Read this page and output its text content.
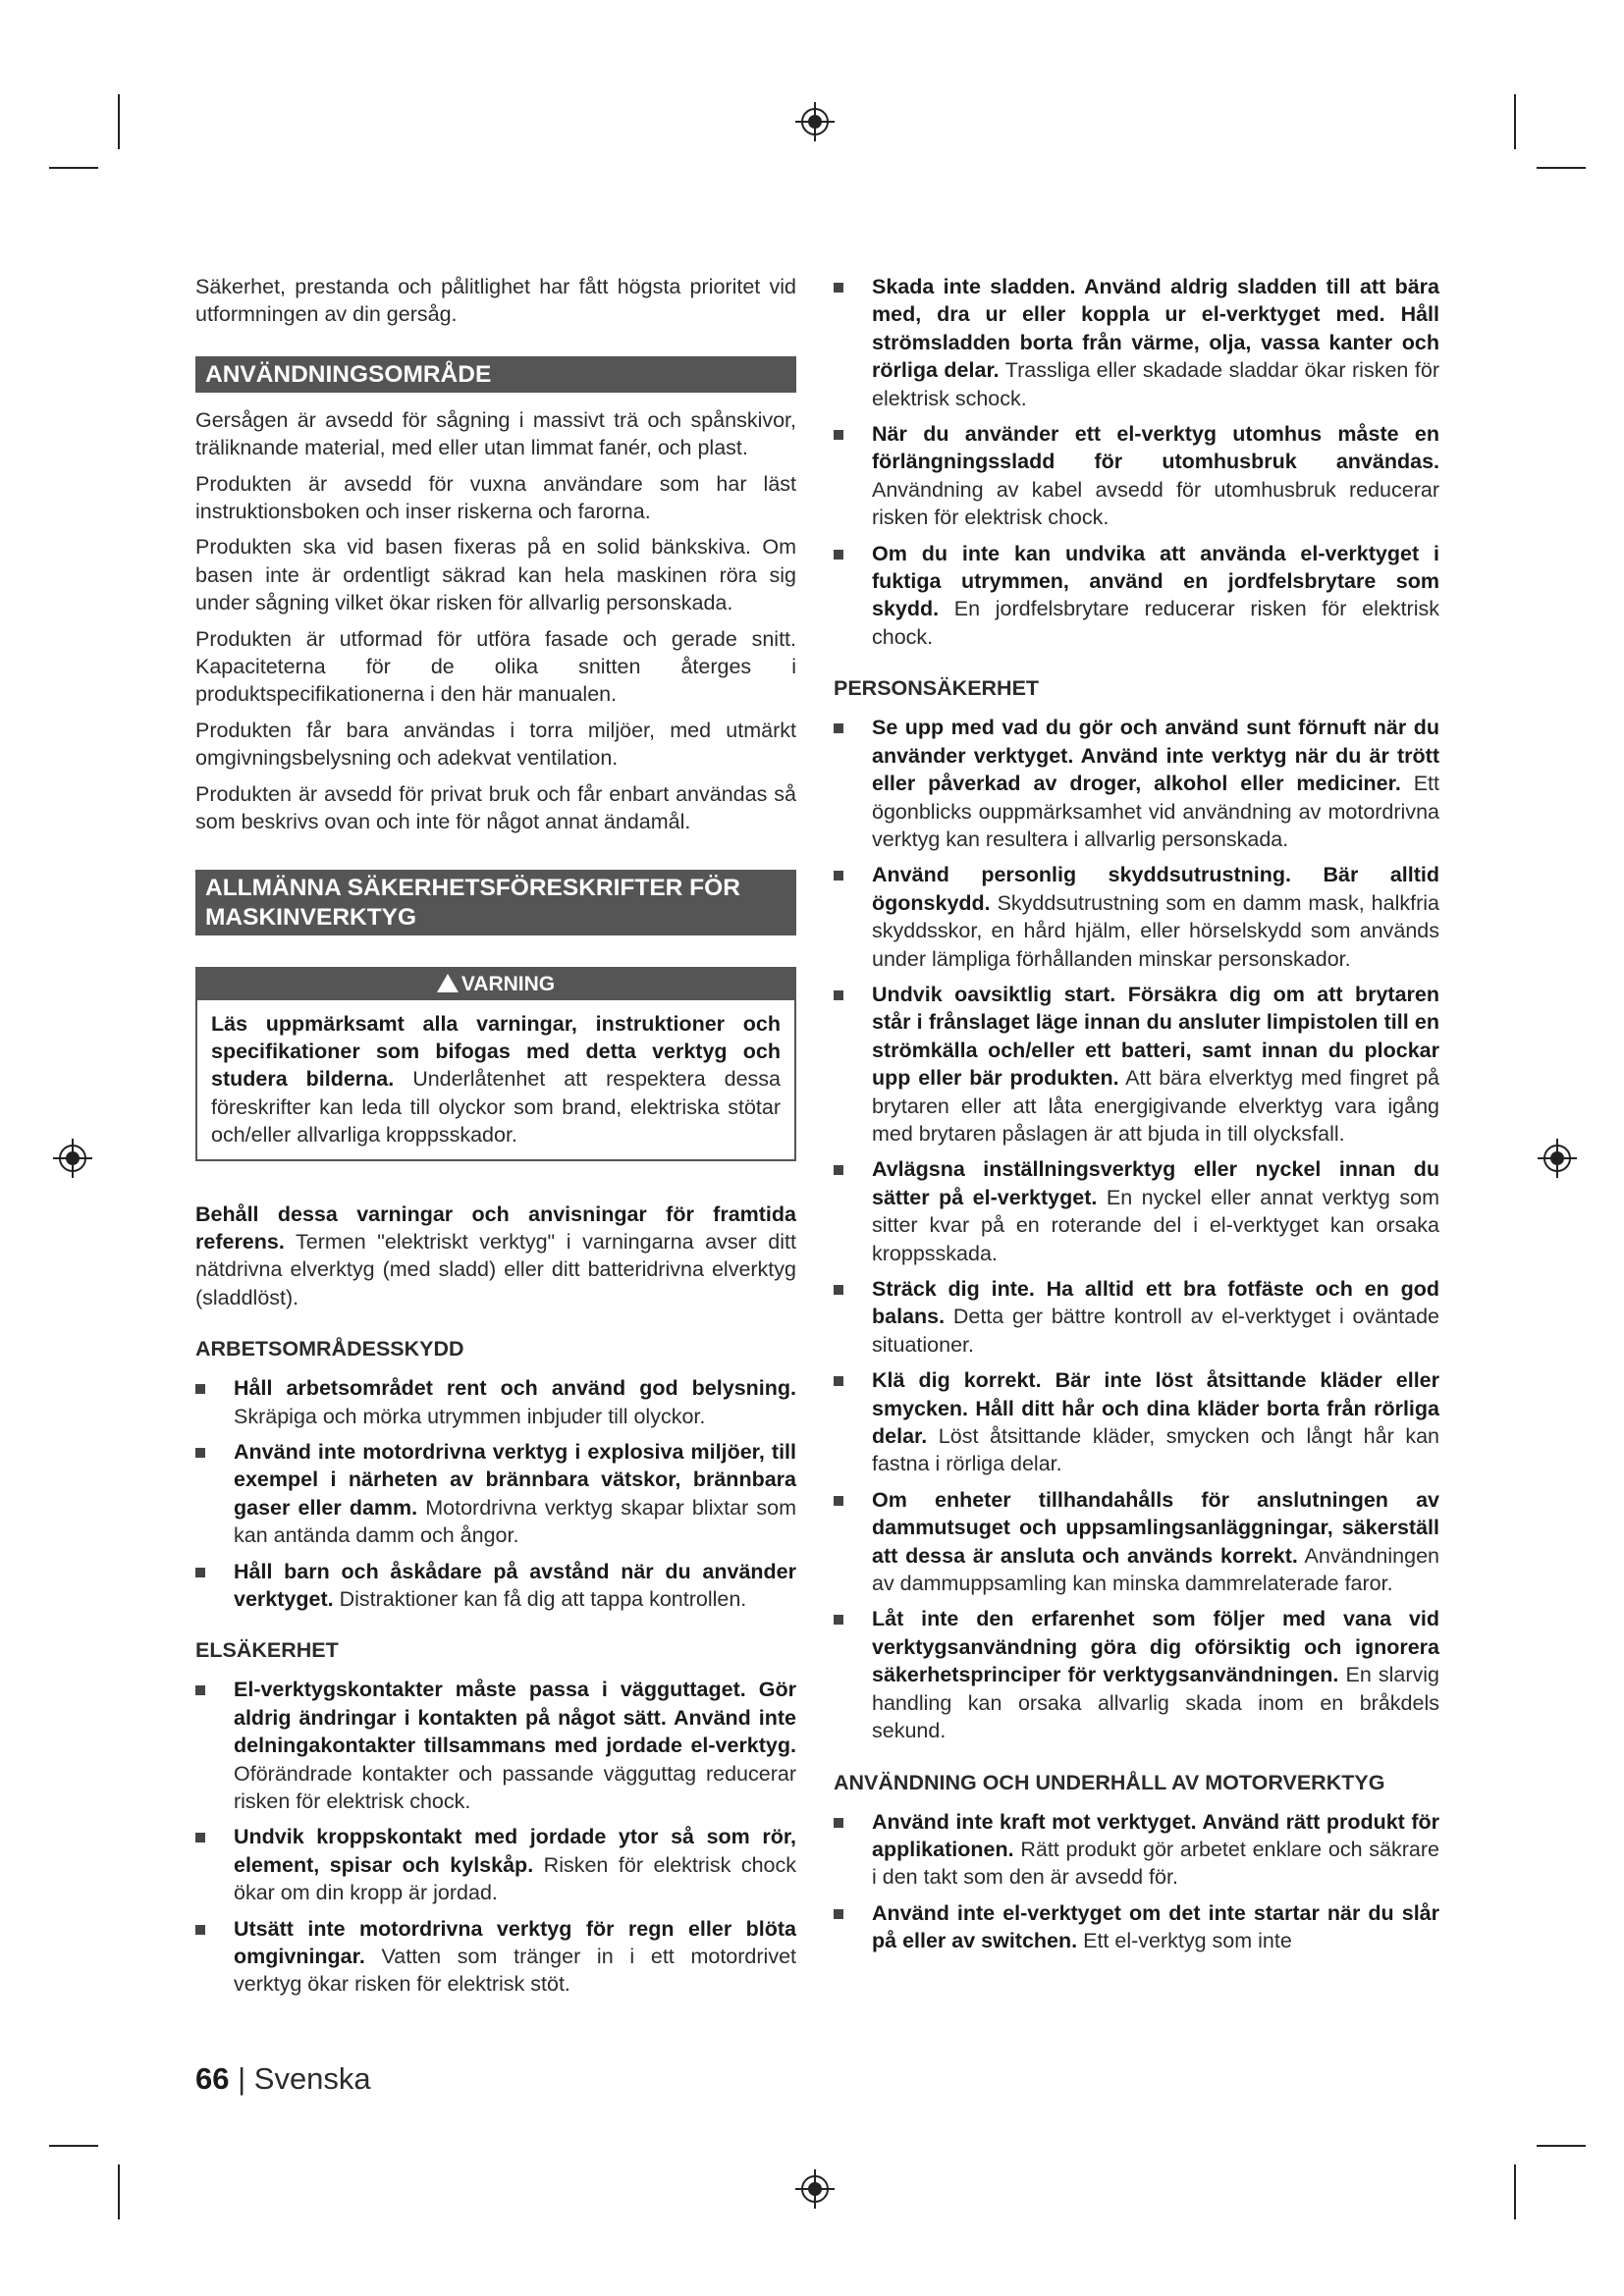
Säkerhet, prestanda och pålitlighet har fått högsta prioritet vid utformningen av din gersåg.

ANVÄNDNINGSOMRÅDE

Gersågen är avsedd för sågning i massivt trä och spånskivor, träliknande material, med eller utan limmat fanér, och plast.

Produkten är avsedd för vuxna användare som har läst instruktionsboken och inser riskerna och farorna.

Produkten ska vid basen fixeras på en solid bänkskiva. Om basen inte är ordentligt säkrad kan hela maskinen röra sig under sågning vilket ökar risken för allvarlig personskada.

Produkten är utformad för utföra fasade och gerade snitt. Kapaciteterna för de olika snitten återges i produktspecifikationerna i den här manualen.

Produkten får bara användas i torra miljöer, med utmärkt omgivningsbelysning och adekvat ventilation.

Produkten är avsedd för privat bruk och får enbart användas så som beskrivs ovan och inte för något annat ändamål.

ALLMÄNNA SÄKERHETSFÖRESKRIFTER FÖR MASKINVERKTYG
VARNING

Läs uppmärksamt alla varningar, instruktioner och specifikationer som bifogas med detta verktyg och studera bilderna. Underlåtenhet att respektera dessa föreskrifter kan leda till olyckor som brand, elektriska stötar och/eller allvarliga kroppsskador.

Behåll dessa varningar och anvisningar för framtida referens. Termen "elektriskt verktyg" i varningarna avser ditt nätdrivna elverktyg (med sladd) eller ditt batteridrivna elverktyg (sladdlöst).

ARBETSOMRÅDESSKYDD
Håll arbetsområdet rent och använd god belysning. Skräpiga och mörka utrymmen inbjuder till olyckor.
Använd inte motordrivna verktyg i explosiva miljöer, till exempel i närheten av brännbara vätskor, brännbara gaser eller damm. Motordrivna verktyg skapar blixtar som kan antända damm och ångor.
Håll barn och åskådare på avstånd när du använder verktyget. Distraktioner kan få dig att tappa kontrollen.
ELSÄKERHET
El-verktygskontakter måste passa i vägguttaget. Gör aldrig ändringar i kontakten på något sätt. Använd inte delningakontakter tillsammans med jordade el-verktyg. Oförändrade kontakter och passande vägguttag reducerar risken för elektrisk chock.
Undvik kroppskontakt med jordade ytor så som rör, element, spisar och kylskåp. Risken för elektrisk chock ökar om din kropp är jordad.
Utsätt inte motordrivna verktyg för regn eller blöta omgivningar. Vatten som tränger in i ett motordrivet verktyg ökar risken för elektrisk stöt.
Skada inte sladden. Använd aldrig sladden till att bära med, dra ur eller koppla ur el-verktyget med. Håll strömsladden borta från värme, olja, vassa kanter och rörliga delar. Trassliga eller skadade sladdar ökar risken för elektrisk schock.
När du använder ett el-verktyg utomhus måste en förlängningssladd för utomhusbruk användas. Användning av kabel avsedd för utomhusbruk reducerar risken för elektrisk chock.
Om du inte kan undvika att använda el-verktyget i fuktiga utrymmen, använd en jordfelsbrytare som skydd. En jordfelsbrytare reducerar risken för elektrisk chock.
PERSONSÄKERHET
Se upp med vad du gör och använd sunt förnuft när du använder verktyget. Använd inte verktyg när du är trött eller påverkad av droger, alkohol eller mediciner. Ett ögonblicks ouppmärksamhet vid användning av motordrivna verktyg kan resultera i allvarlig personskada.
Använd personlig skyddsutrustning. Bär alltid ögonskydd. Skyddsutrustning som en damm mask, halkfria skyddsskor, en hård hjälm, eller hörselskydd som används under lämpliga förhållanden minskar personskador.
Undvik oavsiktlig start. Försäkra dig om att brytaren står i frånslaget läge innan du ansluter limpistolen till en strömkälla och/eller ett batteri, samt innan du plockar upp eller bär produkten. Att bära elverktyg med fingret på brytaren eller att låta energigivande elverktyg vara igång med brytaren påslagen är att bjuda in till olycksfall.
Avlägsna inställningsverktyg eller nyckel innan du sätter på el-verktyget. En nyckel eller annat verktyg som sitter kvar på en roterande del i el-verktyget kan orsaka kroppsskada.
Sträck dig inte. Ha alltid ett bra fotfäste och en god balans. Detta ger bättre kontroll av el-verktyget i oväntade situationer.
Klä dig korrekt. Bär inte löst åtsittande kläder eller smycken. Håll ditt hår och dina kläder borta från rörliga delar. Löst åtsittande kläder, smycken och långt hår kan fastna i rörliga delar.
Om enheter tillhandahålls för anslutningen av dammutsuget och uppsamlingsanläggningar, säkerställ att dessa är ansluta och används korrekt. Användningen av dammuppsamling kan minska dammrelaterade faror.
Låt inte den erfarenhet som följer med vana vid verktygsanvändning göra dig oförsiktig och ignorera säkerhetsprinciper för verktygsanvändningen. En slarvig handling kan orsaka allvarlig skada inom en bråkdels sekund.
ANVÄNDNING OCH UNDERHÅLL AV MOTORVERKTYG
Använd inte kraft mot verktyget. Använd rätt produkt för applikationen. Rätt produkt gör arbetet enklare och säkrare i den takt som den är avsedd för.
Använd inte el-verktyget om det inte startar när du slår på eller av switchen. Ett el-verktyg som inte
66 | Svenska
